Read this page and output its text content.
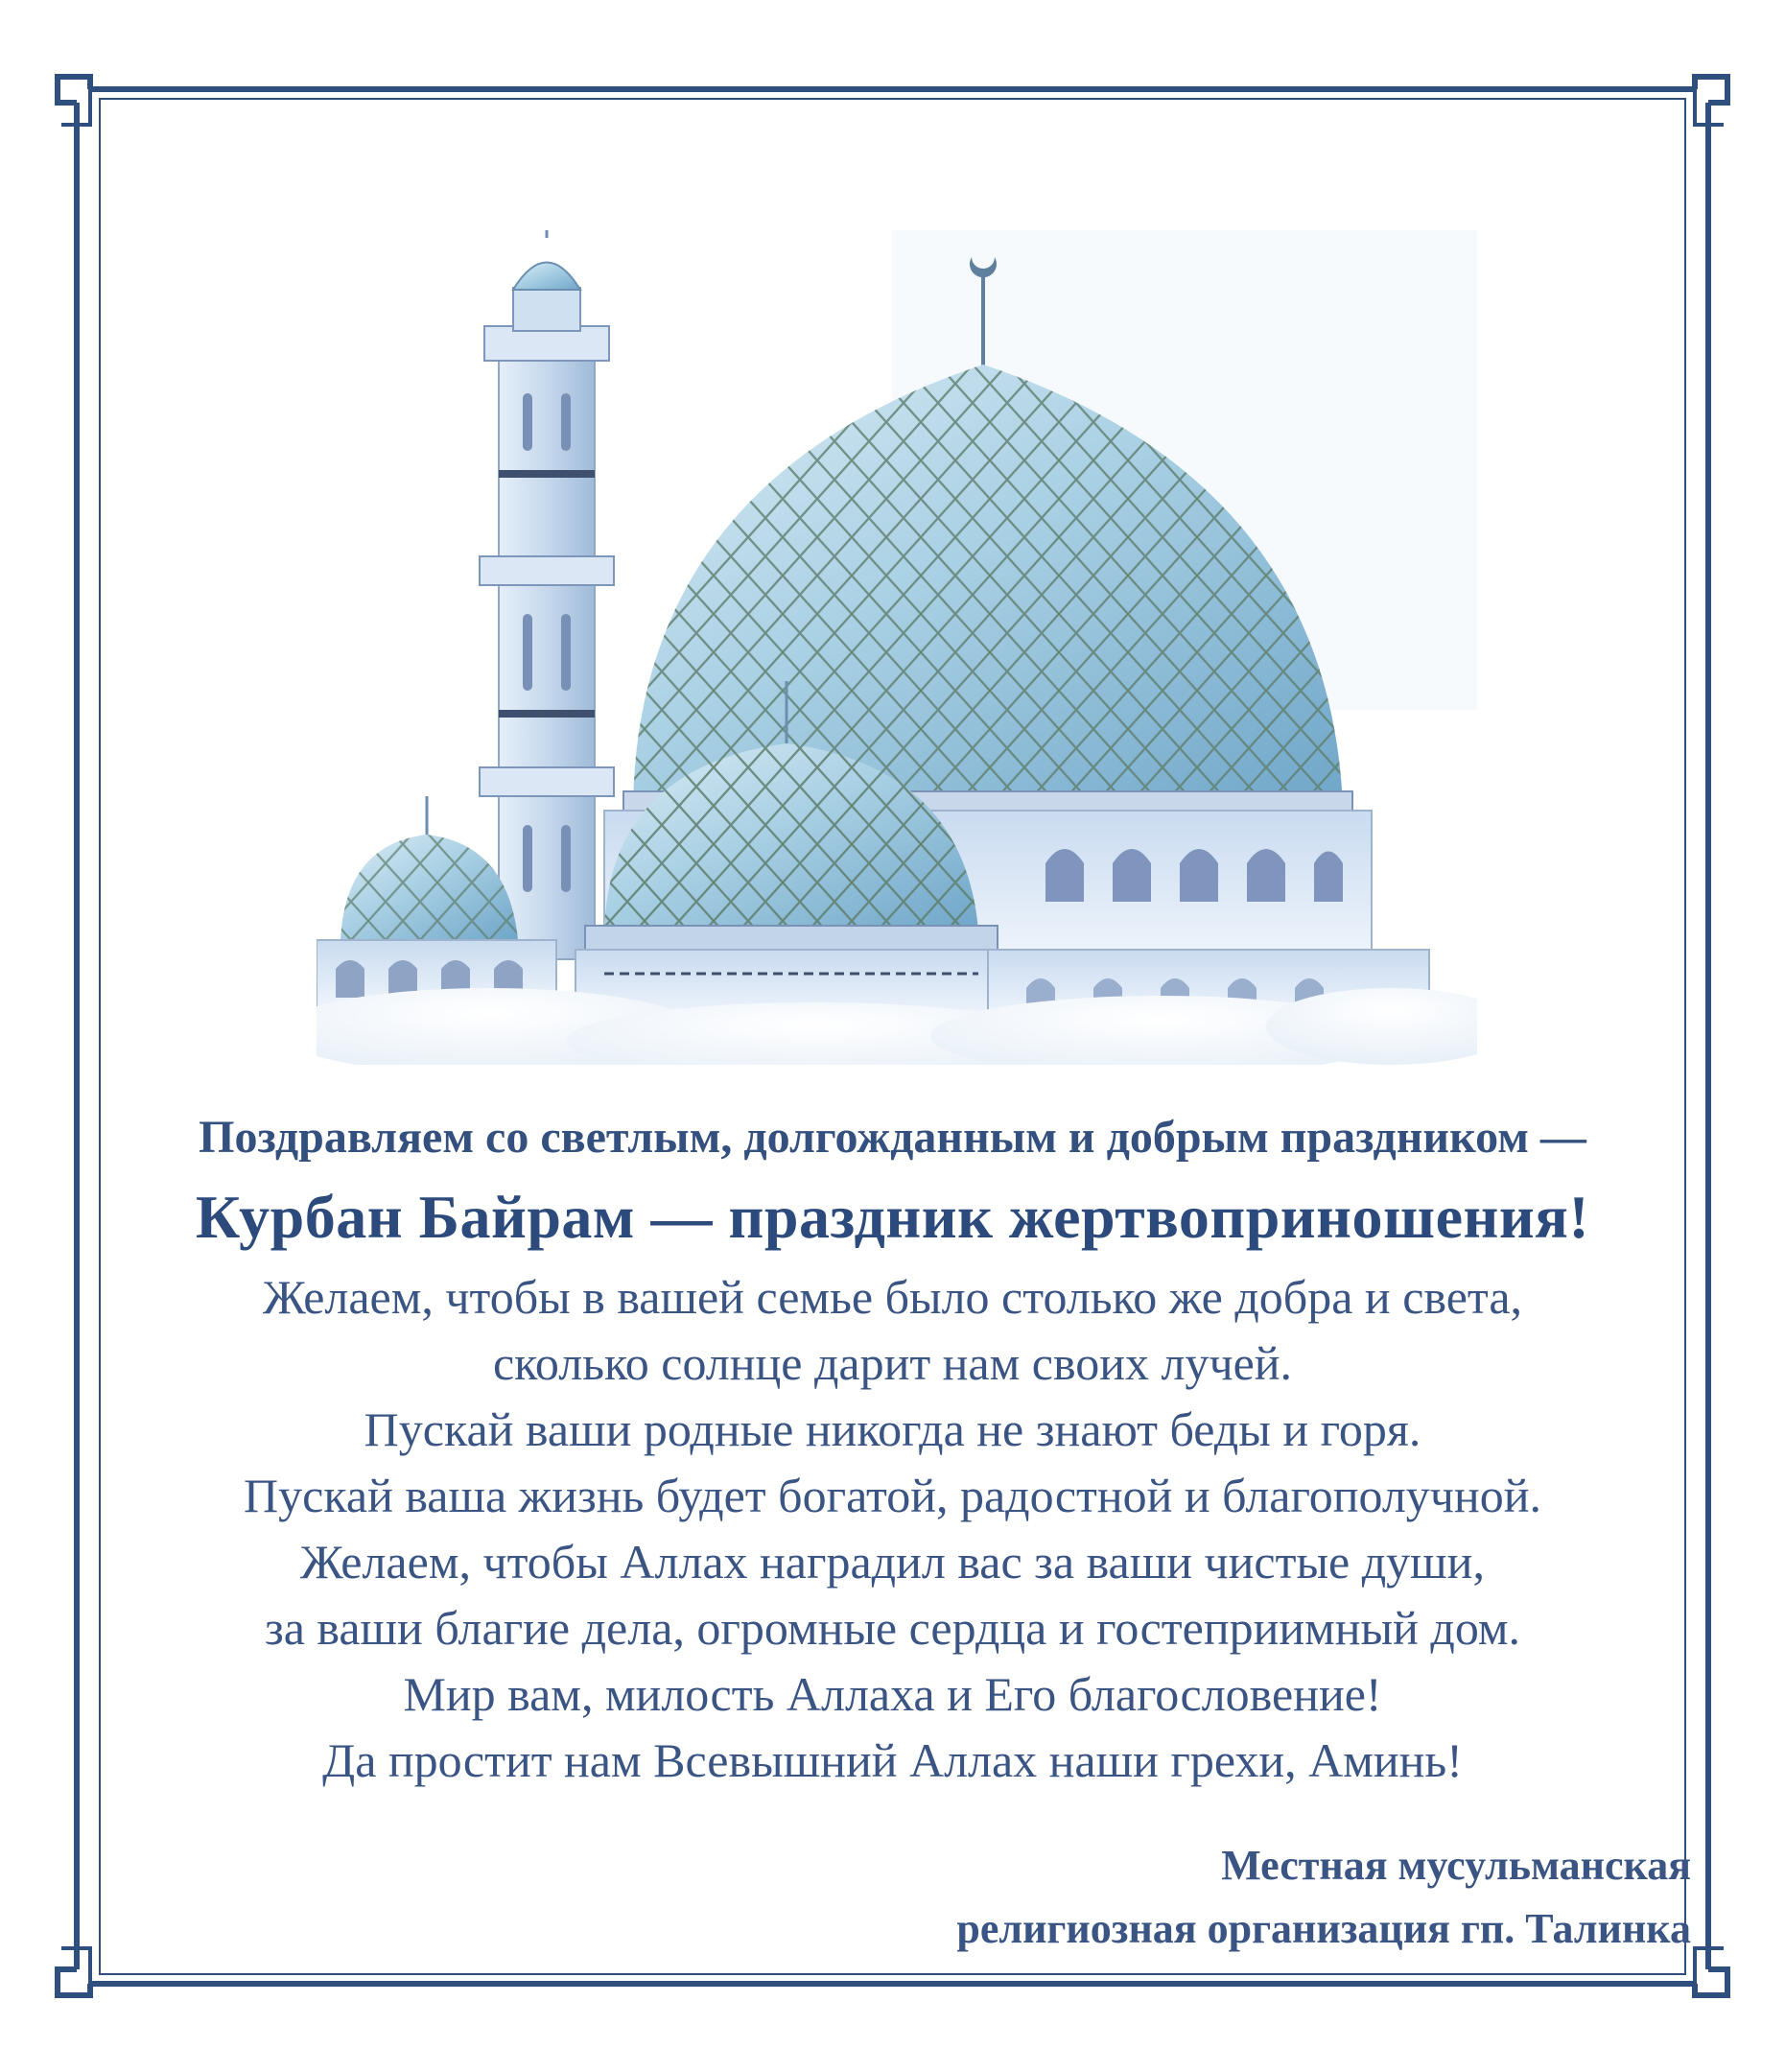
Поздравляем со светлым, долгожданным и добрым праздником —

Курбан Байрам — праздник жертвоприношения!

Желаем, чтобы в вашей семье было столько же добра и света,
сколько солнце дарит нам своих лучей.
Пускай ваши родные никогда не знают беды и горя.
Пускай ваша жизнь будет богатой, радостной и благополучной.
Желаем, чтобы Аллах наградил вас за ваши чистые души,
за ваши благие дела, огромные сердца и гостеприимный дом.
Мир вам, милость Аллаха и Его благословение!
Да простит нам Всевышний Аллах наши грехи, Аминь!
Местная мусульманская
религиозная организация гп. Талинка
